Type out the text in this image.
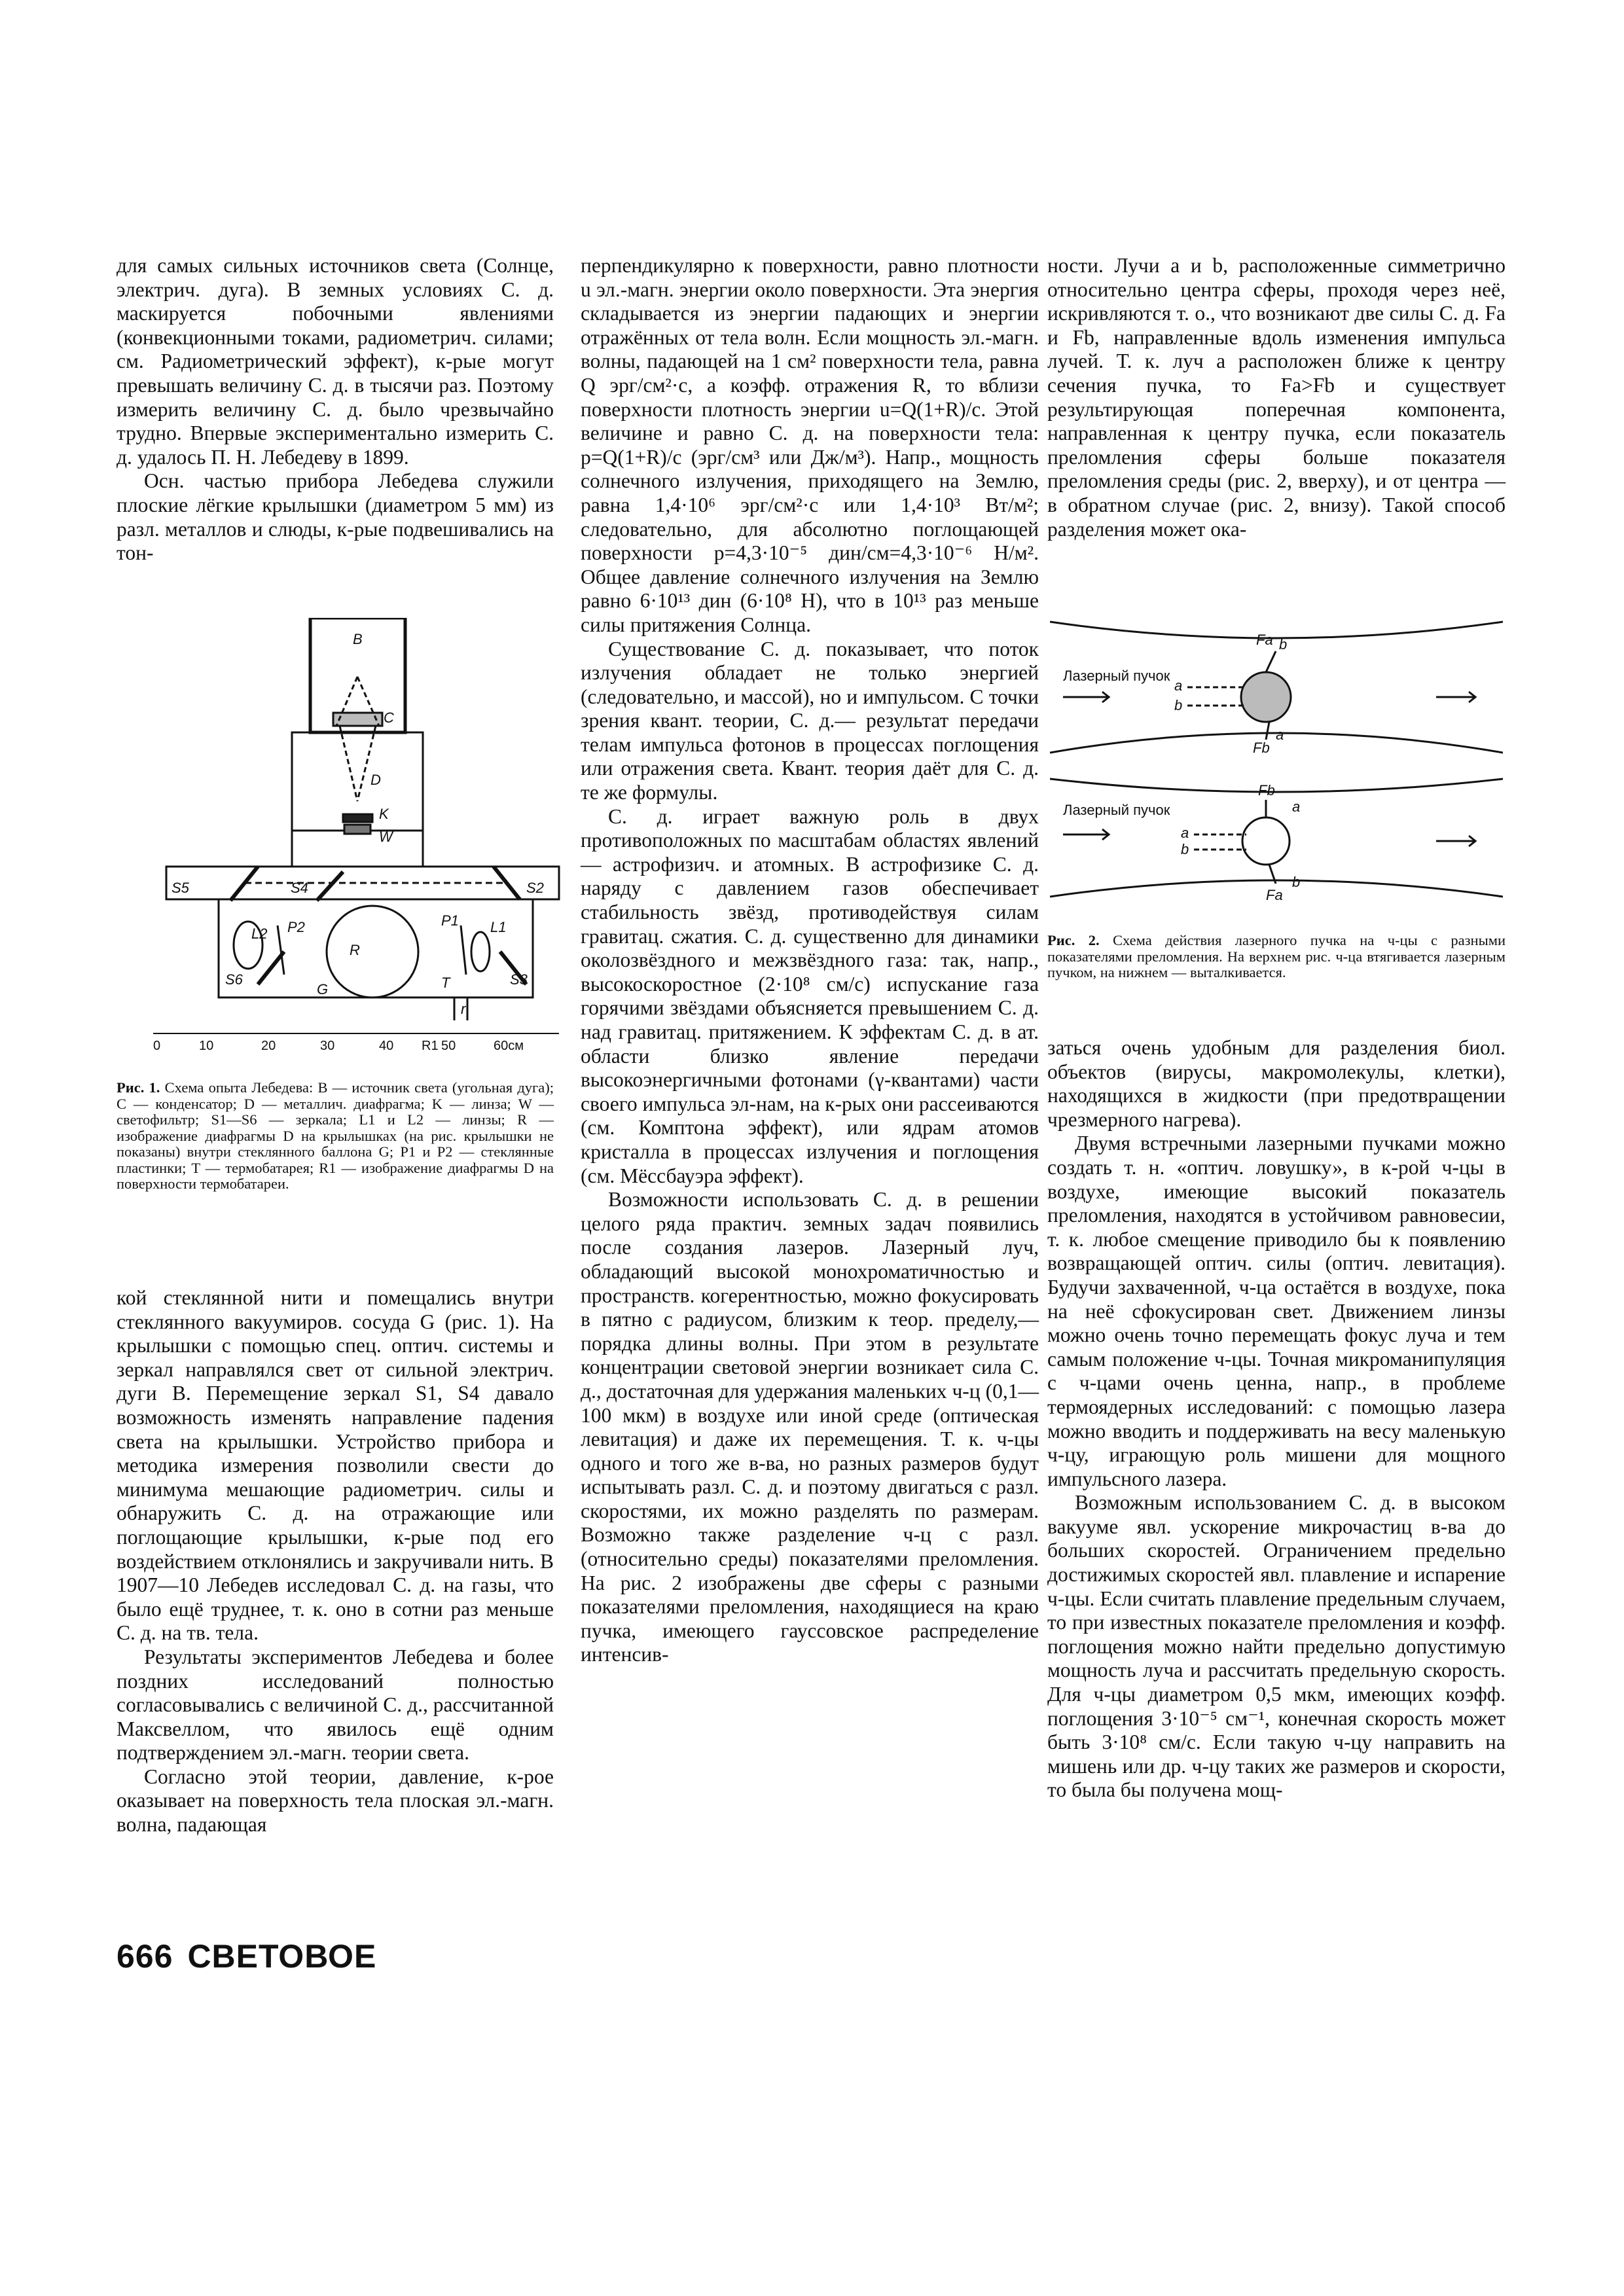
для самых сильных источников света (Солнце, электрич. дуга). В земных условиях С. д. маскируется побочными явлениями (конвекционными токами, радиометрич. силами; см. Радиометрический эффект), к-рые могут превышать величину С. д. в тысячи раз. Поэтому измерить величину С. д. было чрезвычайно трудно. Впервые экспериментально измерить С. д. удалось П. Н. Лебедеву в 1899.

Осн. частью прибора Лебедева служили плоские лёгкие крылышки (диаметром 5 мм) из разл. металлов и слюды, к-рые подвешивались на тон-

B
C
D
K
W
S5	S4	S2
L2 P2
R
P1 L1
S6	S3
G	T
r
0	10	20	30	40 R1 50	60см

Рис. 1. Схема опыта Лебедева: B — источник света (угольная дуга); C — конденсатор; D — металлич. диафрагма; K — линза; W — светофильтр; S1—S6 — зеркала; L1 и L2 — линзы; R — изображение диафрагмы D на крылышках (на рис. крылышки не показаны) внутри стеклянного баллона G; P1 и P2 — стеклянные пластинки; T — термобатарея; R1 — изображение диафрагмы D на поверхности термобатареи.

кой стеклянной нити и помещались внутри стеклянного вакуумиров. сосуда G (рис. 1). На крылышки с помощью спец. оптич. системы и зеркал направлялся свет от сильной электрич. дуги B. Перемещение зеркал S1, S4 давало возможность изменять направление падения света на крылышки. Устройство прибора и методика измерения позволили свести до минимума мешающие радиометрич. силы и обнаружить С. д. на отражающие или поглощающие крылышки, к-рые под его воздействием отклонялись и закручивали нить. В 1907—10 Лебедев исследовал С. д. на газы, что было ещё труднее, т. к. оно в сотни раз меньше С. д. на тв. тела.

Результаты экспериментов Лебедева и более поздних исследований полностью согласовывались с величиной С. д., рассчитанной Максвеллом, что явилось ещё одним подтверждением эл.-магн. теории света.

Согласно этой теории, давление, к-рое оказывает на поверхность тела плоская эл.-магн. волна, падающая

666 СВЕТОВОЕ

перпендикулярно к поверхности, равно плотности u эл.-магн. энергии около поверхности. Эта энергия складывается из энергии падающих и энергии отражённых от тела волн. Если мощность эл.-магн. волны, падающей на 1 см² поверхности тела, равна Q эрг/см²·с, а коэфф. отражения R, то вблизи поверхности плотность энергии u=Q(1+R)/c. Этой величине и равно С. д. на поверхности тела: p=Q(1+R)/c (эрг/см³ или Дж/м³). Напр., мощность солнечного излучения, приходящего на Землю, равна 1,4·10⁶ эрг/см²·с или 1,4·10³ Вт/м²; следовательно, для абсолютно поглощающей поверхности p=4,3·10⁻⁵ дин/см=4,3·10⁻⁶ Н/м². Общее давление солнечного излучения на Землю равно 6·10¹³ дин (6·10⁸ Н), что в 10¹³ раз меньше силы притяжения Солнца.

Существование С. д. показывает, что поток излучения обладает не только энергией (следовательно, и массой), но и импульсом. С точки зрения квант. теории, С. д.— результат передачи телам импульса фотонов в процессах поглощения или отражения света. Квант. теория даёт для С. д. те же формулы.

С. д. играет важную роль в двух противоположных по масштабам областях явлений — астрофизич. и атомных. В астрофизике С. д. наряду с давлением газов обеспечивает стабильность звёзд, противодействуя силам гравитац. сжатия. С. д. существенно для динамики околозвёздного и межзвёздного газа: так, напр., высокоскоростное (2·10⁸ см/с) испускание газа горячими звёздами объясняется превышением С. д. над гравитац. притяжением. К эффектам С. д. в ат. области близко явление передачи высокоэнергичными фотонами (γ-квантами) части своего импульса эл-нам, на к-рых они рассеиваются (см. Комптона эффект), или ядрам атомов кристалла в процессах излучения и поглощения (см. Мёссбауэра эффект).

Возможности использовать С. д. в решении целого ряда практич. земных задач появились после создания лазеров. Лазерный луч, обладающий высокой монохроматичностью и пространств. когерентностью, можно фокусировать в пятно с радиусом, близким к теор. пределу,— порядка длины волны. При этом в результате концентрации световой энергии возникает сила С. д., достаточная для удержания маленьких ч-ц (0,1—100 мкм) в воздухе или иной среде (оптическая левитация) и даже их перемещения. Т. к. ч-цы одного и того же в-ва, но разных размеров будут испытывать разл. С. д. и поэтому двигаться с разл. скоростями, их можно разделять по размерам. Возможно также разделение ч-ц с разл. (относительно среды) показателями преломления. На рис. 2 изображены две сферы с разными показателями преломления, находящиеся на краю пучка, имеющего гауссовское распределение интенсив-

ности. Лучи a и b, расположенные симметрично относительно центра сферы, проходя через неё, искривляются т. о., что возникают две силы С. д. Fa и Fb, направленные вдоль изменения импульса лучей. Т. к. луч a расположен ближе к центру сечения пучка, то Fa>Fb и существует результирующая поперечная компонента, направленная к центру пучка, если показатель преломления сферы больше показателя преломления среды (рис. 2, вверху), и от центра — в обратном случае (рис. 2, внизу). Такой способ разделения может ока-

Лазерный пучок
Лазерный пучок
Fa b
a
b
Fb
a
Fb
a
a
b
Fa
b

Рис. 2. Схема действия лазерного пучка на ч-цы с разными показателями преломления. На верхнем рис. ч-ца втягивается лазерным пучком, на нижнем — выталкивается.

заться очень удобным для разделения биол. объектов (вирусы, макромолекулы, клетки), находящихся в жидкости (при предотвращении чрезмерного нагрева).

Двумя встречными лазерными пучками можно создать т. н. «оптич. ловушку», в к-рой ч-цы в воздухе, имеющие высокий показатель преломления, находятся в устойчивом равновесии, т. к. любое смещение приводило бы к появлению возвращающей оптич. силы (оптич. левитация). Будучи захваченной, ч-ца остаётся в воздухе, пока на неё сфокусирован свет. Движением линзы можно очень точно перемещать фокус луча и тем самым положение ч-цы. Точная микроманипуляция с ч-цами очень ценна, напр., в проблеме термоядерных исследований: с помощью лазера можно вводить и поддерживать на весу маленькую ч-цу, играющую роль мишени для мощного импульсного лазера.

Возможным использованием С. д. в высоком вакууме явл. ускорение микрочастиц в-ва до больших скоростей. Ограничением предельно достижимых скоростей явл. плавление и испарение ч-цы. Если считать плавление предельным случаем, то при известных показателе преломления и коэфф. поглощения можно найти предельно допустимую мощность луча и рассчитать предельную скорость. Для ч-цы диаметром 0,5 мкм, имеющих коэфф. поглощения 3·10⁻⁵ см⁻¹, конечная скорость может быть 3·10⁸ см/с. Если такую ч-цу направить на мишень или др. ч-цу таких же размеров и скорости, то была бы получена мощ-
